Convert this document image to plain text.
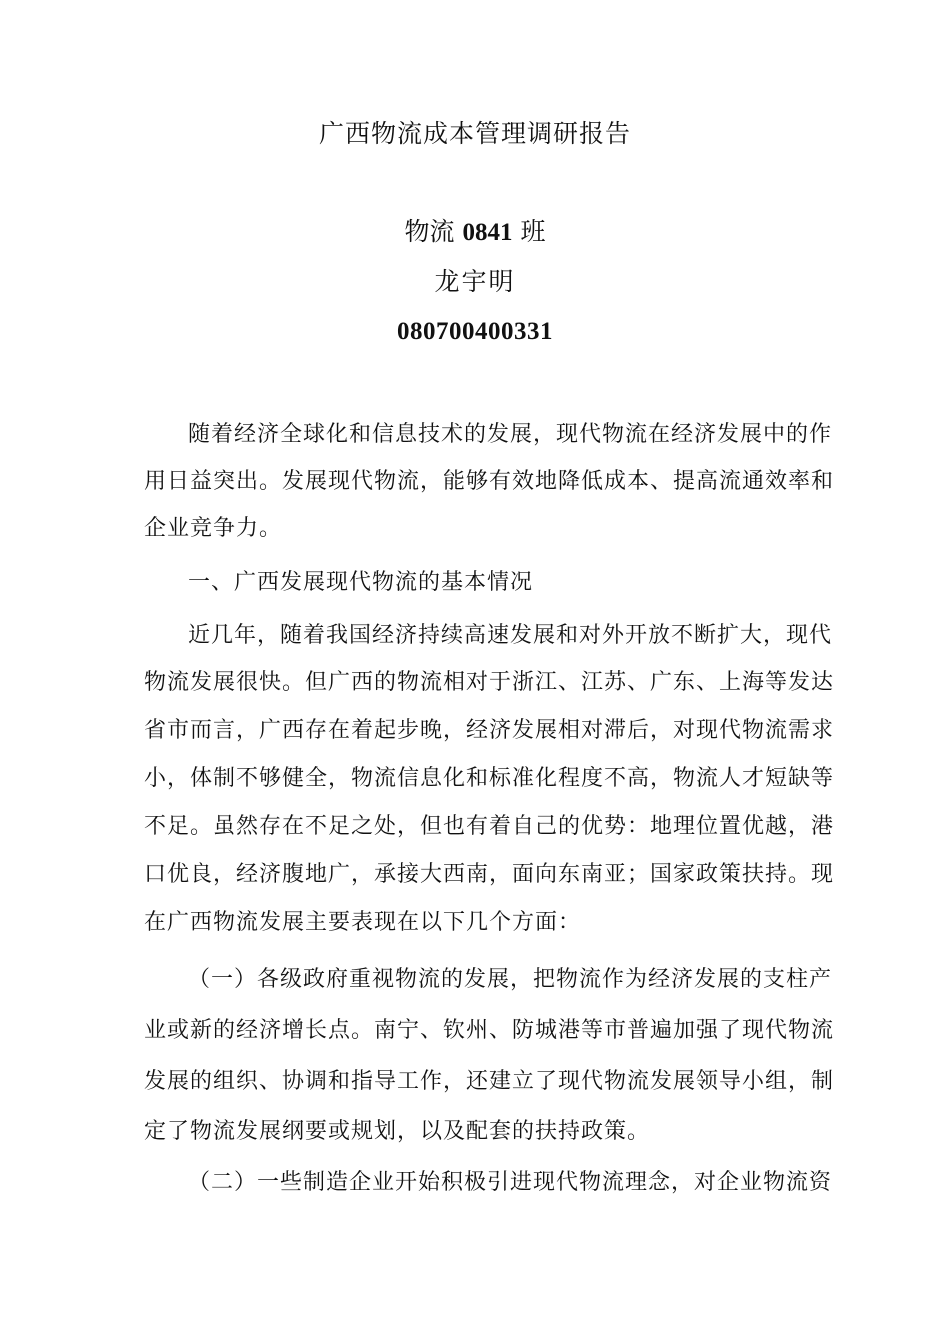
广西物流成本管理调研报告
物流 0841 班
龙宇明
080700400331
随着经济全球化和信息技术的发展，现代物流在经济发展中的作
用日益突出。发展现代物流，能够有效地降低成本、提高流通效率和
企业竞争力。
一、广西发展现代物流的基本情况
近几年，随着我国经济持续高速发展和对外开放不断扩大，现代
物流发展很快。但广西的物流相对于浙江、江苏、广东、上海等发达
省市而言，广西存在着起步晚，经济发展相对滞后，对现代物流需求
小，体制不够健全，物流信息化和标准化程度不高，物流人才短缺等
不足。虽然存在不足之处，但也有着自己的优势：地理位置优越，港
口优良，经济腹地广，承接大西南，面向东南亚；国家政策扶持。现
在广西物流发展主要表现在以下几个方面：
（一）各级政府重视物流的发展，把物流作为经济发展的支柱产
业或新的经济增长点。南宁、钦州、防城港等市普遍加强了现代物流
发展的组织、协调和指导工作，还建立了现代物流发展领导小组，制
定了物流发展纲要或规划，以及配套的扶持政策。
（二）一些制造企业开始积极引进现代物流理念，对企业物流资
